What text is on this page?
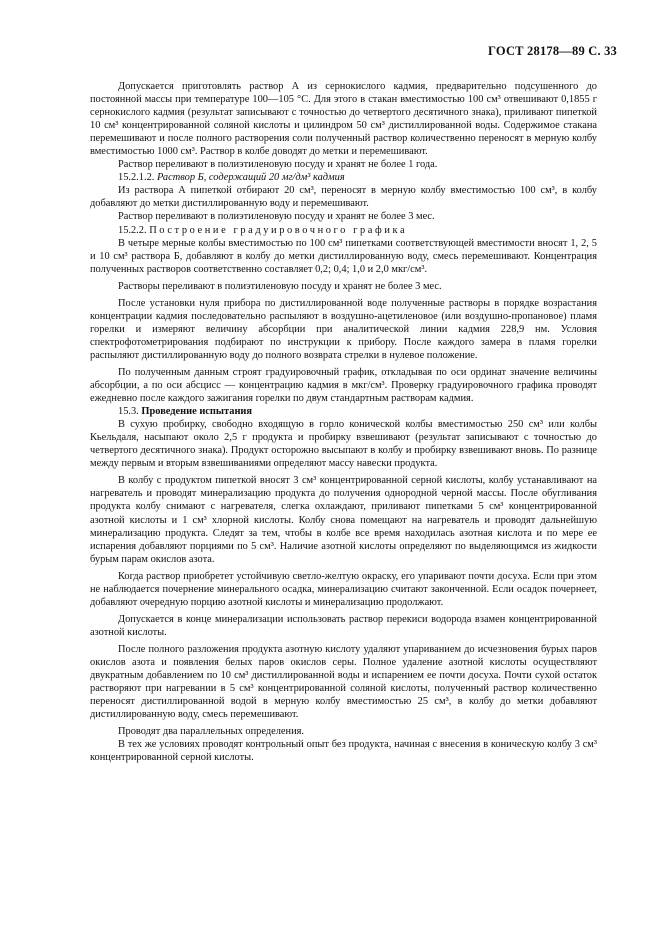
ГОСТ 28178—89 С. 33

Допускается приготовлять раствор А из сернокислого кадмия, предварительно подсушенного до постоянной массы при температуре 100—105 °С. Для этого в стакан вместимостью 100 см³ отвешивают 0,1855 г сернокислого кадмия (результат записывают с точностью до четвертого десятичного знака), приливают пипеткой 10 см³ концентрированной соляной кислоты и цилиндром 50 см³ дистиллированной воды. Содержимое стакана перемешивают и после полного растворения соли полученный раствор количественно переносят в мерную колбу вместимостью 1000 см³. Раствор в колбе доводят до метки и перемешивают.

Раствор переливают в полиэтиленовую посуду и хранят не более 1 года.

15.2.1.2. Раствор Б, содержащий 20 мг/дм³ кадмия

Из раствора А пипеткой отбирают 20 см³, переносят в мерную колбу вместимостью 100 см³, в колбу добавляют до метки дистиллированную воду и перемешивают.

Раствор переливают в полиэтиленовую посуду и хранят не более 3 мес.

15.2.2. Построение градуировочного графика

В четыре мерные колбы вместимостью по 100 см³ пипетками соответствующей вместимости вносят 1, 2, 5 и 10 см³ раствора Б, добавляют в колбу до метки дистиллированную воду, смесь перемешивают. Концентрация полученных растворов соответственно составляет 0,2; 0,4; 1,0 и 2,0 мкг/см³.

Растворы переливают в полиэтиленовую посуду и хранят не более 3 мес.

После установки нуля прибора по дистиллированной воде полученные растворы в порядке возрастания концентрации кадмия последовательно распыляют в воздушно-ацетиленовое (или воздушно-пропановое) пламя горелки и измеряют величину абсорбции при аналитической линии кадмия 228,9 нм. Условия спектрофотометрирования подбирают по инструкции к прибору. После каждого замера в пламя горелки распыляют дистиллированную воду до полного возврата стрелки в нулевое положение.

По полученным данным строят градуировочный график, откладывая по оси ординат значение величины абсорбции, а по оси абсцисс — концентрацию кадмия в мкг/см³. Проверку градуировочного графика проводят ежедневно после каждого зажигания горелки по двум стандартным растворам кадмия.

15.3. Проведение испытания

В сухую пробирку, свободно входящую в горло конической колбы вместимостью 250 см³ или колбы Кьельдаля, насыпают около 2,5 г продукта и пробирку взвешивают (результат записывают с точностью до четвертого десятичного знака). Продукт осторожно высыпают в колбу и пробирку взвешивают вновь. По разнице между первым и вторым взвешиваниями определяют массу навески продукта.

В колбу с продуктом пипеткой вносят 3 см³ концентрированной серной кислоты, колбу устанавливают на нагреватель и проводят минерализацию продукта до получения однородной черной массы. После обугливания продукта колбу снимают с нагревателя, слегка охлаждают, приливают пипетками 5 см³ концентрированной азотной кислоты и 1 см³ хлорной кислоты. Колбу снова помещают на нагреватель и проводят дальнейшую минерализацию продукта. Следят за тем, чтобы в колбе все время находилась азотная кислота и по мере ее испарения добавляют порциями по 5 см³. Наличие азотной кислоты определяют по выделяющимся из жидкости бурым парам окислов азота.

Когда раствор приобретет устойчивую светло-желтую окраску, его упаривают почти досуха. Если при этом не наблюдается почернение минерального осадка, минерализацию считают законченной. Если осадок почернеет, добавляют очередную порцию азотной кислоты и минерализацию продолжают.

Допускается в конце минерализации использовать раствор перекиси водорода взамен концентрированной азотной кислоты.

После полного разложения продукта азотную кислоту удаляют упариванием до исчезновения бурых паров окислов азота и появления белых паров окислов серы. Полное удаление азотной кислоты осуществляют двукратным добавлением по 10 см³ дистиллированной воды и испарением ее почти досуха. Почти сухой остаток растворяют при нагревании в 5 см³ концентрированной соляной кислоты, полученный раствор количественно переносят дистиллированной водой в мерную колбу вместимостью 25 см³, в колбу до метки добавляют дистиллированную воду, смесь перемешивают.

Проводят два параллельных определения.

В тех же условиях проводят контрольный опыт без продукта, начиная с внесения в коническую колбу 3 см³ концентрированной серной кислоты.
